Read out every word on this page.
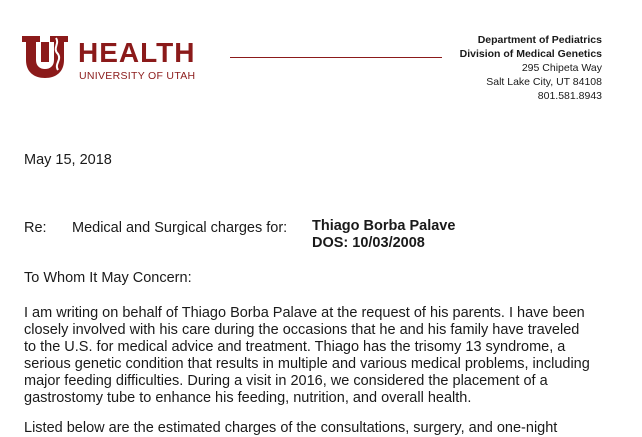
HEALTH
UNIVERSITY OF UTAH
Department of Pediatrics
Division of Medical Genetics
295 Chipeta Way
Salt Lake City, UT 84108
801.581.8943
May 15, 2018
Re: Medical and Surgical charges for: Thiago Borba Palave
DOS: 10/03/2008
To Whom It May Concern:

I am writing on behalf of Thiago Borba Palave at the request of his parents. I have been
closely involved with his care during the occasions that he and his family have traveled
to the U.S. for medical advice and treatment. Thiago has the trisomy 13 syndrome, a
serious genetic condition that results in multiple and various medical problems, including
major feeding difficulties. During a visit in 2016, we considered the placement of a
gastrostomy tube to enhance his feeding, nutrition, and overall health.

Listed below are the estimated charges of the consultations, surgery, and one-night
